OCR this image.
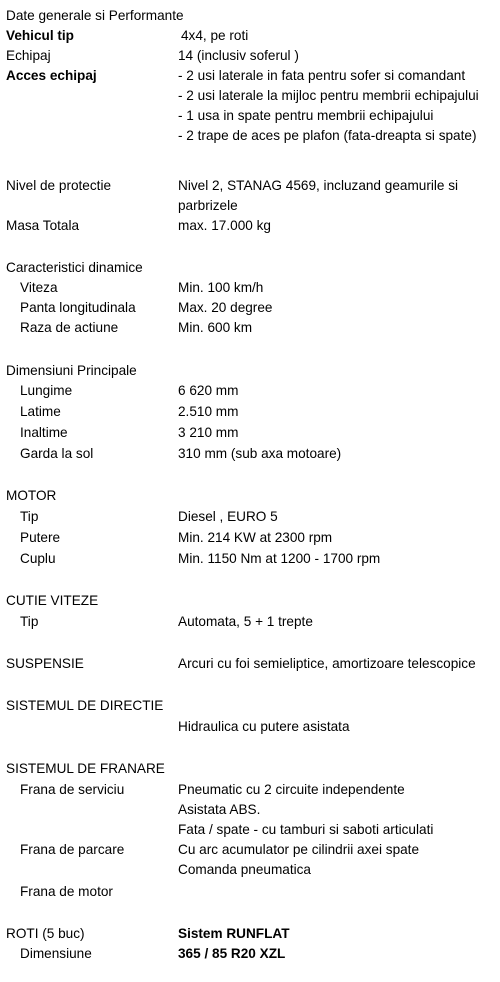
Date generale si Performante
Vehicul tip	4x4, pe roti
Echipaj	14 (inclusiv soferul )
Acces echipaj	- 2 usi laterale in fata pentru sofer si comandant
- 2 usi laterale la mijloc pentru membrii echipajului
- 1 usa in spate pentru membrii echipajului
- 2 trape de aces pe plafon (fata-dreapta si spate)
Nivel de protectie	Nivel 2, STANAG 4569, incluzand geamurile si
parbrizele
Masa Totala	max. 17.000 kg
Caracteristici dinamice
Viteza	Min. 100 km/h
Panta longitudinala	Max. 20 degree
Raza de actiune	Min. 600 km
Dimensiuni Principale
Lungime	6 620 mm
Latime	2.510 mm
Inaltime	3 210 mm
Garda la sol	310 mm (sub axa motoare)
MOTOR
Tip	Diesel , EURO 5
Putere	Min. 214 KW at 2300 rpm
Cuplu	Min. 1150 Nm at 1200 - 1700 rpm
CUTIE VITEZE
Tip	Automata, 5 + 1 trepte
SUSPENSIE	Arcuri cu foi semieliptice, amortizoare telescopice
SISTEMUL DE DIRECTIE
Hidraulica cu putere asistata
SISTEMUL DE FRANARE
Frana de serviciu	Pneumatic cu 2 circuite independente
Asistata ABS.
Fata / spate - cu tamburi si saboti articulati
Frana de parcare	Cu arc acumulator pe cilindrii axei spate
Comanda pneumatica
Frana de motor
ROTI (5 buc)	Sistem RUNFLAT
Dimensiune	365 / 85 R20 XZL
